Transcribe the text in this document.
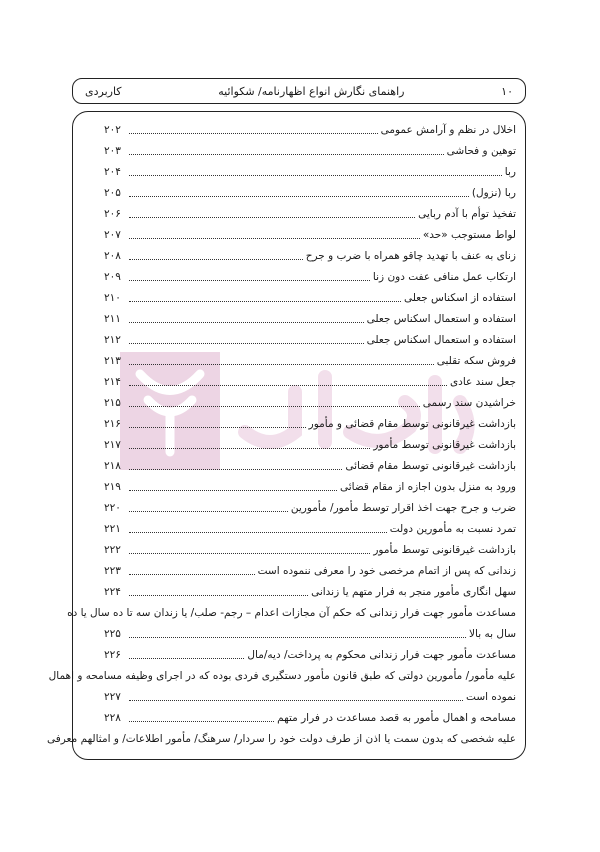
۱۰
راهنمای نگارش انواع اظهارنامه/ شکوائیه
کاربردی
اخلال در نظم و آرامش عمومی
۲۰۲
توهین و فحاشی
۲۰۳
ربا
۲۰۴
ربا (نزول)
۲۰۵
تفخیذ توأم با آدم ربایی
۲۰۶
لواط مستوجب «حد»
۲۰۷
زنای به عنف با تهدید چاقو همراه با ضرب و جرح
۲۰۸
ارتکاب عمل منافی عفت دون زنا
۲۰۹
استفاده از اسکناس جعلی
۲۱۰
استفاده و استعمال اسکناس جعلی
۲۱۱
استفاده و استعمال اسکناس جعلی
۲۱۲
فروش سکه تقلبی
۲۱۳
جعل سند عادی
۲۱۴
خراشیدن سند رسمی
۲۱۵
بازداشت غیرقانونی توسط مقام قضائی و مأمور
۲۱۶
بازداشت غیرقانونی توسط مأمور
۲۱۷
بازداشت غیرقانونی توسط مقام قضائی
۲۱۸
ورود به منزل بدون اجازه از مقام قضائی
۲۱۹
ضرب و جرح جهت اخذ اقرار توسط مأمور/ مأمورین
۲۲۰
تمرد نسبت به مأمورین دولت
۲۲۱
بازداشت غیرقانونی توسط مأمور
۲۲۲
زندانی که پس از اتمام مرخصی خود را معرفی ننموده است
۲۲۳
سهل انگاری مأمور منجر به فرار متهم یا زندانی
۲۲۴
مساعدت مأمور جهت فرار زندانی که حکم آن مجازات اعدام – رجم- صلب/ یا زندان سه تا ده سال یا ده
سال به بالا
۲۲۵
مساعدت مأمور جهت فرار زندانی محکوم به پرداخت/ دیه/مال
۲۲۶
علیه مأمور/ مأمورین دولتی که طبق قانون مأمور دستگیری فردی بوده که در اجرای وظیفه مسامحه و اهمال
نموده است
۲۲۷
مسامحه و اهمال مأمور به قصد مساعدت در فرار متهم
۲۲۸
علیه شخصی که بدون سمت یا اذن از طرف دولت خود را سردار/ سرهنگ/ مأمور اطلاعات/ و امثالهم معرفی
